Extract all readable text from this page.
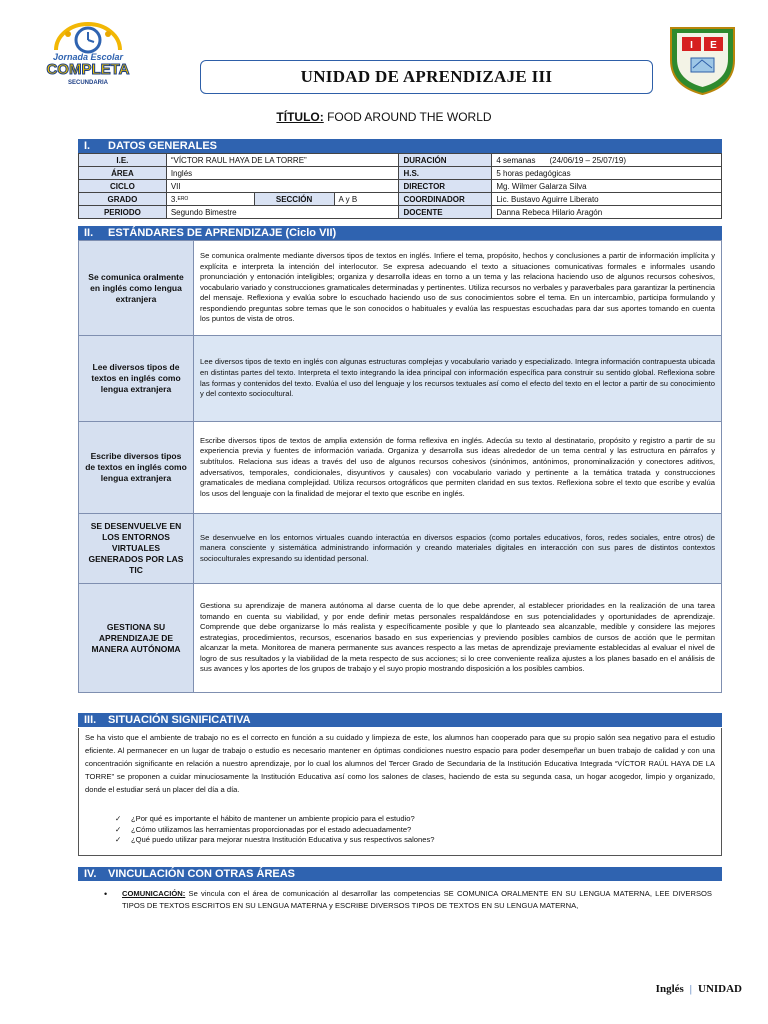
Jornada Escolar
COMPLETA
SECUNDARIA	UNIDAD DE APRENDIZAJE III
I E
TÍTULO: FOOD AROUND THE WORLD
I. DATOS GENERALES
I.E.	“VÍCTOR RAUL HAYA DE LA TORRE”			DURACIÓN	4 semanas (24/06/19 – 25/07/19)
ÁREA	Inglés			H.S.	5 horas pedagógicas
CICLO	VII			DIRECTOR	Mg. Wilmer Galarza Silva
GRADO	3.$^{ERO}$	SECCIÓN	A y B	COORDINADOR	Lic. Bustavo Aguirre Liberato
PERIODO	Segundo Bimestre			DOCENTE	Danna Rebeca Hilario Aragón
II. ESTÁNDARES DE APRENDIZAJE (Ciclo VII)
Se comunica oralmente en inglés como lengua extranjera	Se comunica oralmente mediante diversos tipos de textos en inglés. Infiere el tema, propósito, hechos y conclusiones a partir de información implícita y explícita e interpreta la intención del interlocutor. Se expresa adecuando el texto a situaciones comunicativas formales e informales usando pronunciación y entonación inteligibles; organiza y desarrolla ideas en torno a un tema y las relaciona haciendo uso de algunos recursos cohesivos, vocabulario variado y construcciones gramaticales determinadas y pertinentes. Utiliza recursos no verbales y paraverbales para garantizar la pertinencia del mensaje. Reflexiona y evalúa sobre lo escuchado haciendo uso de sus conocimientos sobre el tema. En un intercambio, participa formulando y respondiendo preguntas sobre temas que le son conocidos o habituales y evalúa las respuestas escuchadas para dar sus aportes tomando en cuenta los puntos de vista de otros.
Lee diversos tipos de textos en inglés como lengua extranjera	Lee diversos tipos de texto en inglés con algunas estructuras complejas y vocabulario variado y especializado. Integra información contrapuesta ubicada en distintas partes del texto. Interpreta el texto integrando la idea principal con información específica para construir su sentido global. Reflexiona sobre las formas y contenidos del texto. Evalúa el uso del lenguaje y los recursos textuales así como el efecto del texto en el lector a partir de su conocimiento y del contexto sociocultural.
Escribe diversos tipos de textos en inglés como lengua extranjera	Escribe diversos tipos de textos de amplia extensión de forma reflexiva en inglés. Adecúa su texto al destinatario, propósito y registro a partir de su experiencia previa y fuentes de información variada. Organiza y desarrolla sus ideas alrededor de un tema central y las estructura en párrafos y subtítulos. Relaciona sus ideas a través del uso de algunos recursos cohesivos (sinónimos, antónimos, pronominalización y conectores aditivos, adversativos, temporales, condicionales, disyuntivos y causales) con vocabulario variado y pertinente a la temática tratada y construcciones gramaticales de mediana complejidad. Utiliza recursos ortográficos que permiten claridad en sus textos. Reflexiona sobre el texto que escribe y evalúa los usos del lenguaje con la finalidad de mejorar el texto que escribe en inglés.
SE DESENVUELVE EN LOS ENTORNOS VIRTUALES GENERADOS POR LAS TIC	Se desenvuelve en los entornos virtuales cuando interactúa en diversos espacios (como portales educativos, foros, redes sociales, entre otros) de manera consciente y sistemática administrando información y creando materiales digitales en interacción con sus pares de distintos contextos socioculturales expresando su identidad personal.
GESTIONA SU APRENDIZAJE DE MANERA AUTÓNOMA	Gestiona su aprendizaje de manera autónoma al darse cuenta de lo que debe aprender, al establecer prioridades en la realización de una tarea tomando en cuenta su viabilidad, y por ende definir metas personales respaldándose en sus potencialidades y oportunidades de aprendizaje. Comprende que debe organizarse lo más realista y específicamente posible y que lo planteado sea alcanzable, medible y considere las mejores estrategias, procedimientos, recursos, escenarios basado en sus experiencias y previendo posibles cambios de cursos de acción que le permitan alcanzar la meta. Monitorea de manera permanente sus avances respecto a las metas de aprendizaje previamente establecidas al evaluar el nivel de logro de sus resultados y la viabilidad de la meta respecto de sus acciones; si lo cree conveniente realiza ajustes a los planes basado en el análisis de sus avances y los aportes de los grupos de trabajo y el suyo propio mostrando disposición a los posibles cambios.
III. SITUACIÓN SIGNIFICATIVA

Se ha visto que el ambiente de trabajo no es el correcto en función a su cuidado y limpieza de este, los alumnos han cooperado para que su propio salón sea negativo para el estudio eficiente. Al permanecer en un lugar de trabajo o estudio es necesario mantener en óptimas condiciones nuestro espacio para poder desempeñar un buen trabajo de calidad y con una concentración significante en relación a nuestro aprendizaje, por lo cual los alumnos del Tercer Grado de Secundaria de la Institución Educativa Integrada “VÍCTOR RAÚL HAYA DE LA TORRE” se proponen a cuidar minuciosamente la Institución Educativa así como los salones de clases, haciendo de esta su segunda casa, un hogar acogedor, limpio y organizado, donde el estudiar será un placer del día a día.

✓ ¿Por qué es importante el hábito de mantener un ambiente propicio para el estudio?
✓ ¿Cómo utilizamos las herramientas proporcionadas por el estado adecuadamente?
✓ ¿Qué puedo utilizar para mejorar nuestra Institución Educativa y sus respectivos salones?
IV. VINCULACIÓN CON OTRAS ÁREAS
•	COMUNICACIÓN: Se vincula con el área de comunicación al desarrollar las competencias SE COMUNICA ORALMENTE EN SU LENGUA MATERNA, LEE DIVERSOS TIPOS DE TEXTOS ESCRITOS EN SU LENGUA MATERNA y ESCRIBE DIVERSOS TIPOS DE TEXTOS EN SU LENGUA MATERNA,

Inglés | UNIDAD
